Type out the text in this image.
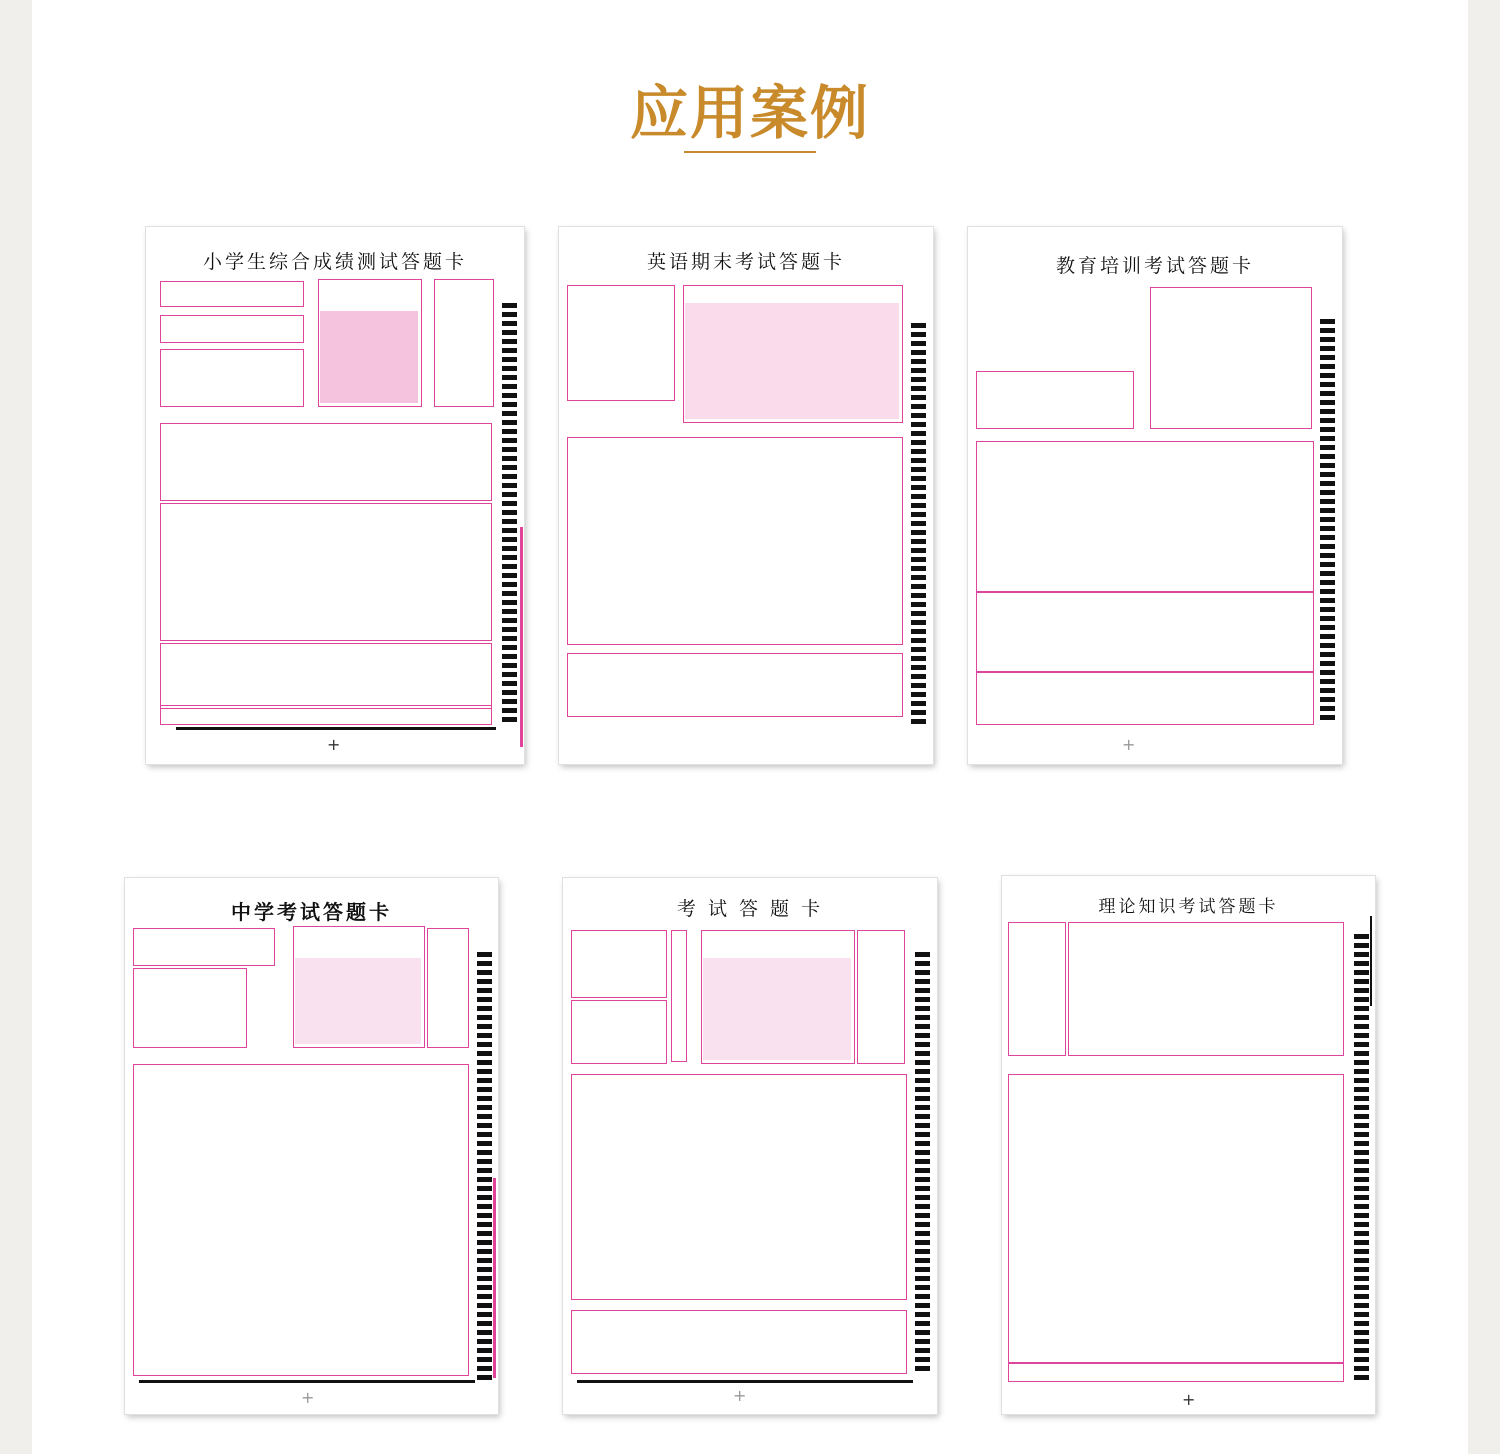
应用案例
小学生综合成绩测试答题卡
+
英语期末考试答题卡	教育培训考试答题卡
+
中学考试答题卡
+
考 试 答 题 卡
+
理论知识考试答题卡
+
